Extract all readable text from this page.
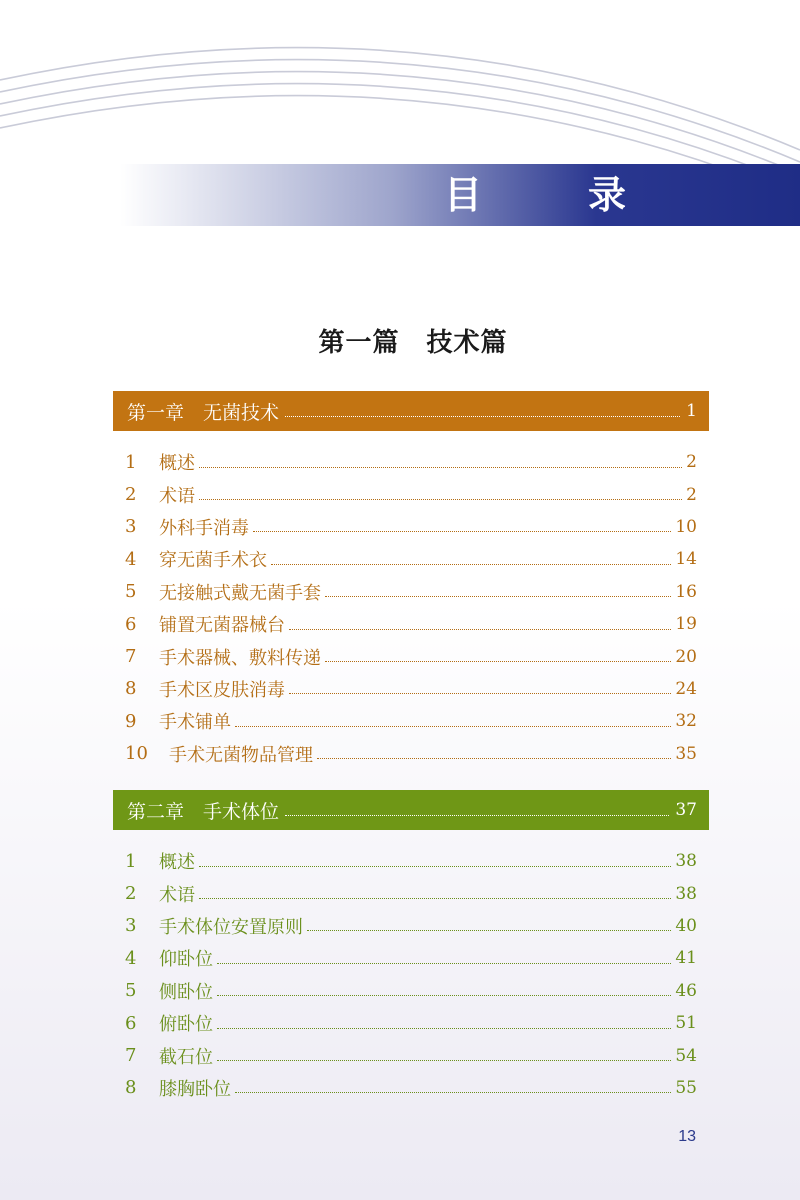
目　录
第一篇　技术篇
第一章　无菌技术	1
1	概述	2
2	术语	2
3	外科手消毒	10
4	穿无菌手术衣	14
5	无接触式戴无菌手套	16
6	铺置无菌器械台	19
7	手术器械、敷料传递	20
8	手术区皮肤消毒	24
9	手术铺单	32
10	手术无菌物品管理	35
第二章　手术体位	37
1	概述	38
2	术语	38
3	手术体位安置原则	40
4	仰卧位	41
5	侧卧位	46
6	俯卧位	51
7	截石位	54
8	膝胸卧位	55
13
